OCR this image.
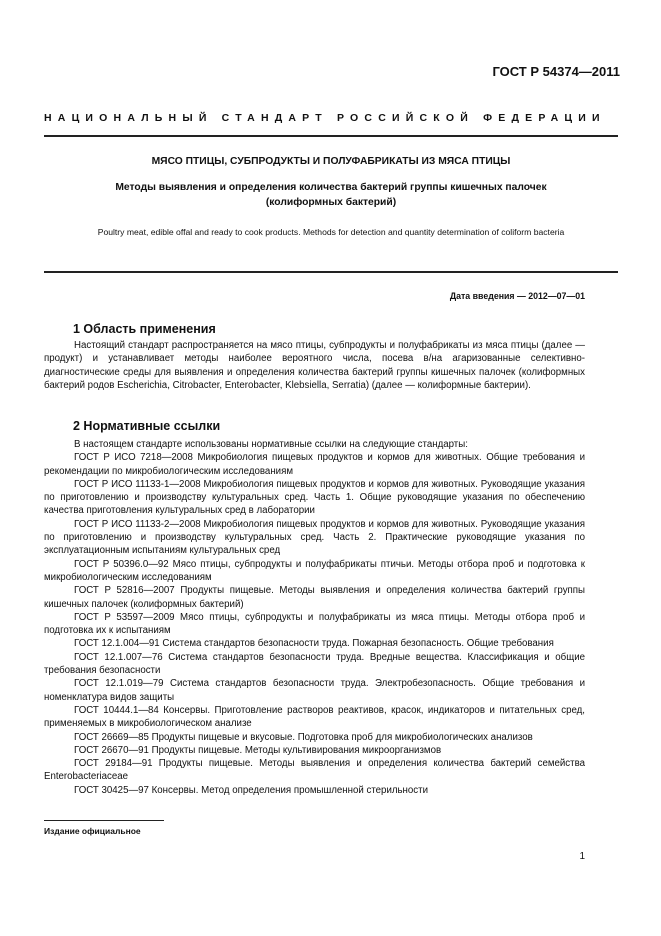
ГОСТ Р 54374—2011
НАЦИОНАЛЬНЫЙ СТАНДАРТ РОССИЙСКОЙ ФЕДЕРАЦИИ
МЯСО ПТИЦЫ, СУБПРОДУКТЫ И ПОЛУФАБРИКАТЫ ИЗ МЯСА ПТИЦЫ
Методы выявления и определения количества бактерий группы кишечных палочек (колиформных бактерий)
Poultry meat, edible offal and ready to cook products. Methods for detection and quantity determination of coliform bacteria
Дата введения — 2012—07—01
1 Область применения

Настоящий стандарт распространяется на мясо птицы, субпродукты и полуфабрикаты из мяса птицы (далее — продукт) и устанавливает методы наиболее вероятного числа, посева в/на агаризованные селективно-диагностические среды для выявления и определения количества бактерий группы кишечных палочек (колиформных бактерий родов Escherichia, Citrobacter, Enterobacter, Klebsiella, Serratia) (далее — колиформные бактерии).

2 Нормативные ссылки

В настоящем стандарте использованы нормативные ссылки на следующие стандарты:

ГОСТ Р ИСО 7218—2008 Микробиология пищевых продуктов и кормов для животных. Общие требования и рекомендации по микробиологическим исследованиям

ГОСТ Р ИСО 11133-1—2008 Микробиология пищевых продуктов и кормов для животных. Руководящие указания по приготовлению и производству культуральных сред. Часть 1. Общие руководящие указания по обеспечению качества приготовления культуральных сред в лаборатории

ГОСТ Р ИСО 11133-2—2008 Микробиология пищевых продуктов и кормов для животных. Руководящие указания по приготовлению и производству культуральных сред. Часть 2. Практические руководящие указания по эксплуатационным испытаниям культуральных сред

ГОСТ Р 50396.0—92 Мясо птицы, субпродукты и полуфабрикаты птичьи. Методы отбора проб и подготовка к микробиологическим исследованиям

ГОСТ Р 52816—2007 Продукты пищевые. Методы выявления и определения количества бактерий группы кишечных палочек (колиформных бактерий)

ГОСТ Р 53597—2009 Мясо птицы, субпродукты и полуфабрикаты из мяса птицы. Методы отбора проб и подготовка их к испытаниям

ГОСТ 12.1.004—91 Система стандартов безопасности труда. Пожарная безопасность. Общие требования

ГОСТ 12.1.007—76 Система стандартов безопасности труда. Вредные вещества. Классификация и общие требования безопасности

ГОСТ 12.1.019—79 Система стандартов безопасности труда. Электробезопасность. Общие требования и номенклатура видов защиты

ГОСТ 10444.1—84 Консервы. Приготовление растворов реактивов, красок, индикаторов и питательных сред, применяемых в микробиологическом анализе

ГОСТ 26669—85 Продукты пищевые и вкусовые. Подготовка проб для микробиологических анализов

ГОСТ 26670—91 Продукты пищевые. Методы культивирования микроорганизмов

ГОСТ 29184—91 Продукты пищевые. Методы выявления и определения количества бактерий семейства Enterobacteriaceae

ГОСТ 30425—97 Консервы. Метод определения промышленной стерильности

Издание официальное
1
